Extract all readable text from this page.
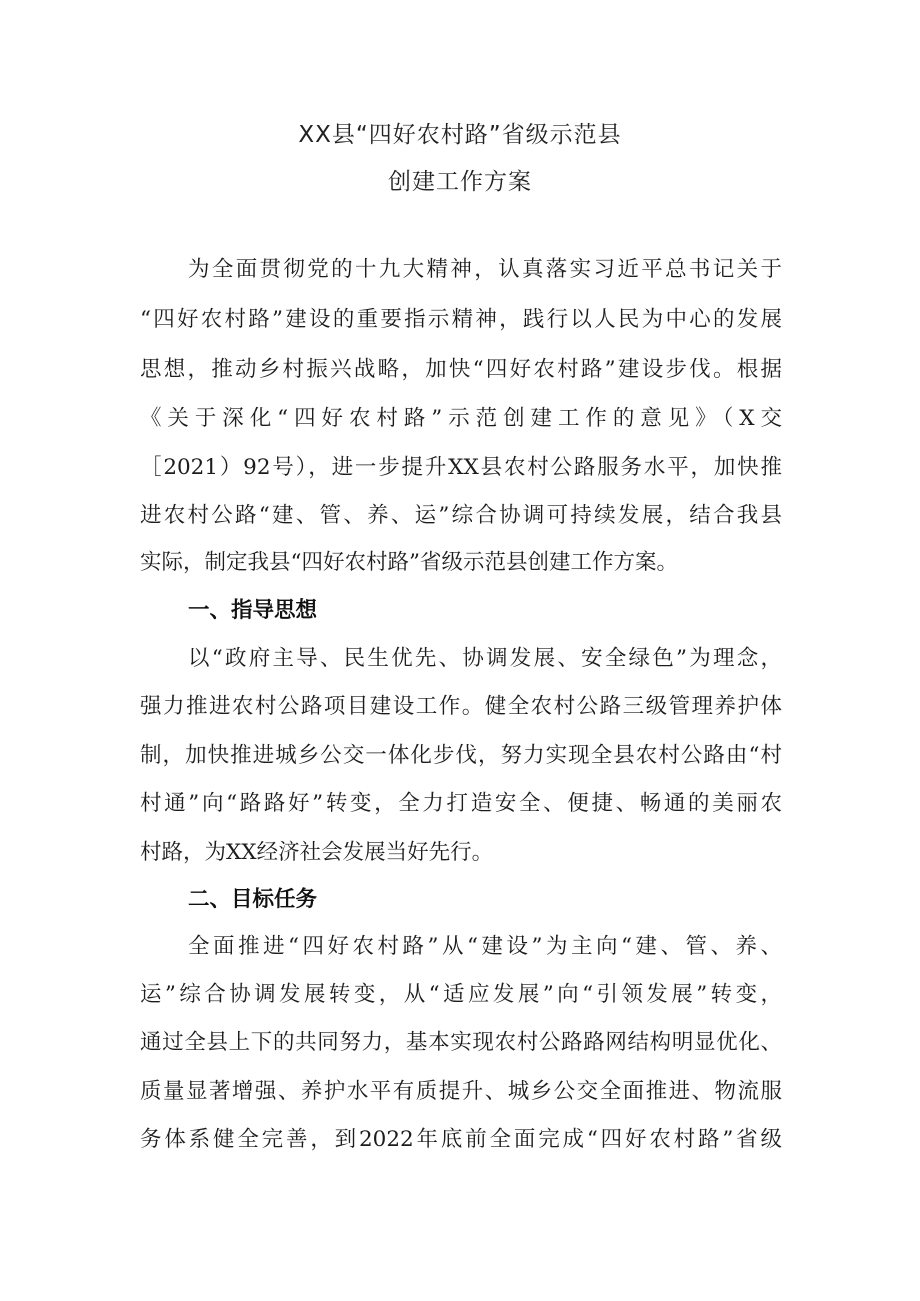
XX县“四好农村路”省级示范县
创建工作方案
为全面贯彻党的十九大精神，认真落实习近平总书记关于
“四好农村路”建设的重要指示精神，践行以人民为中心的发展
思想，推动乡村振兴战略，加快“四好农村路”建设步伐。根据
《关于深化“四好农村路”示范创建工作的意见》（X交
［2021）92号），进一步提升XX县农村公路服务水平，加快推
进农村公路“建、管、养、运”综合协调可持续发展，结合我县
实际，制定我县“四好农村路”省级示范县创建工作方案。
一、指导思想
以“政府主导、民生优先、协调发展、安全绿色”为理念，
强力推进农村公路项目建设工作。健全农村公路三级管理养护体
制，加快推进城乡公交一体化步伐，努力实现全县农村公路由“村
村通”向“路路好”转变，全力打造安全、便捷、畅通的美丽农
村路，为XX经济社会发展当好先行。
二、目标任务
全面推进“四好农村路”从“建设”为主向“建、管、养、
运”综合协调发展转变，从“适应发展”向“引领发展”转变，
通过全县上下的共同努力，基本实现农村公路路网结构明显优化、
质量显著增强、养护水平有质提升、城乡公交全面推进、物流服
务体系健全完善，到2022年底前全面完成“四好农村路”省级
